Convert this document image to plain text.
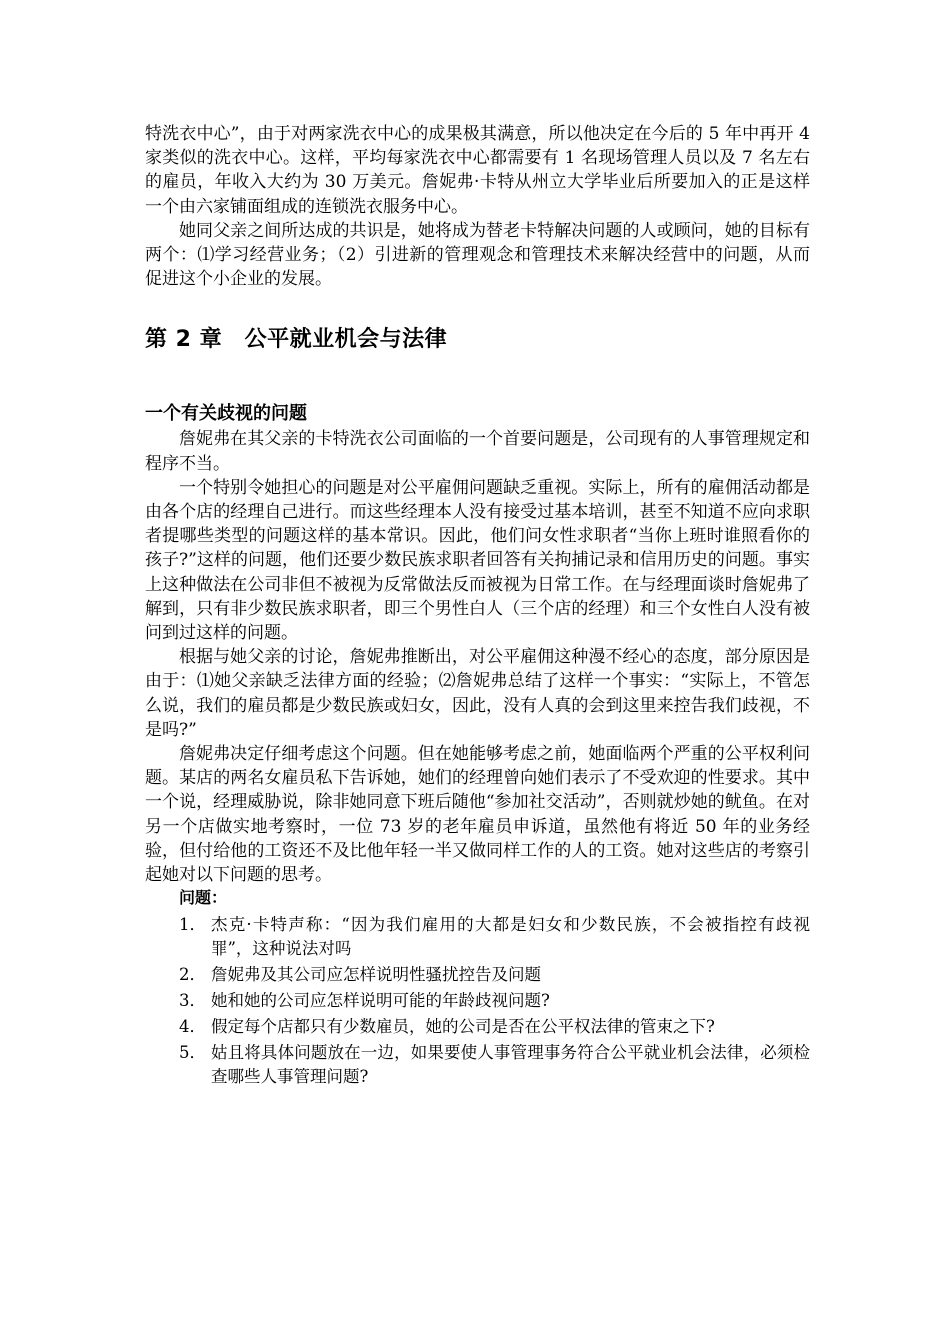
特洗衣中心”，由于对两家洗衣中心的成果极其满意，所以他决定在今后的 5 年中再开 4 家类似的洗衣中心。这样，平均每家洗衣中心都需要有 1 名现场管理人员以及 7 名左右的雇员，年收入大约为 30 万美元。詹妮弗·卡特从州立大学毕业后所要加入的正是这样一个由六家铺面组成的连锁洗衣服务中心。

她同父亲之间所达成的共识是，她将成为替老卡特解决问题的人或顾问，她的目标有两个：⑴学习经营业务；（2）引进新的管理观念和管理技术来解决经营中的问题，从而促进这个小企业的发展。

第 2 章　公平就业机会与法律
一个有关歧视的问题

詹妮弗在其父亲的卡特洗衣公司面临的一个首要问题是，公司现有的人事管理规定和程序不当。

一个特别令她担心的问题是对公平雇佣问题缺乏重视。实际上，所有的雇佣活动都是由各个店的经理自己进行。而这些经理本人没有接受过基本培训，甚至不知道不应向求职者提哪些类型的问题这样的基本常识。因此，他们问女性求职者“当你上班时谁照看你的孩子?”这样的问题，他们还要少数民族求职者回答有关拘捕记录和信用历史的问题。事实上这种做法在公司非但不被视为反常做法反而被视为日常工作。在与经理面谈时詹妮弗了解到，只有非少数民族求职者，即三个男性白人（三个店的经理）和三个女性白人没有被问到过这样的问题。

根据与她父亲的讨论，詹妮弗推断出，对公平雇佣这种漫不经心的态度，部分原因是由于：⑴她父亲缺乏法律方面的经验；⑵詹妮弗总结了这样一个事实：“实际上，不管怎么说，我们的雇员都是少数民族或妇女，因此，没有人真的会到这里来控告我们歧视，不是吗?”

詹妮弗决定仔细考虑这个问题。但在她能够考虑之前，她面临两个严重的公平权利问题。某店的两名女雇员私下告诉她，她们的经理曾向她们表示了不受欢迎的性要求。其中一个说，经理威胁说，除非她同意下班后随他“参加社交活动”，否则就炒她的鱿鱼。在对另一个店做实地考察时，一位 73 岁的老年雇员申诉道，虽然他有将近 50 年的业务经验，但付给他的工资还不及比他年轻一半又做同样工作的人的工资。她对这些店的考察引起她对以下问题的思考。

问题：
1． 杰克·卡特声称：“因为我们雇用的大都是妇女和少数民族，不会被指控有歧视罪”，这种说法对吗
2． 詹妮弗及其公司应怎样说明性骚扰控告及问题
3． 她和她的公司应怎样说明可能的年龄歧视问题?
4． 假定每个店都只有少数雇员，她的公司是否在公平权法律的管束之下?
5． 姑且将具体问题放在一边，如果要使人事管理事务符合公平就业机会法律，必须检查哪些人事管理问题?
